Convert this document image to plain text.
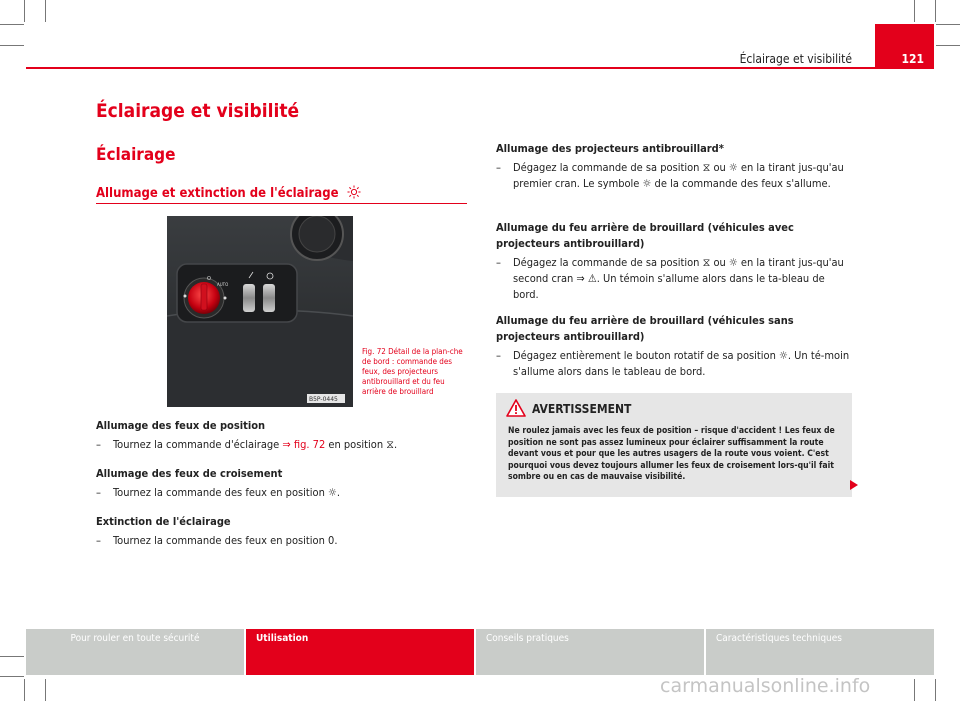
Éclairage et visibilité	121
Éclairage et visibilité
Éclairage
Allumage et extinction de l'éclairage
O
AUTO
B5P-0445
Fig. 72 Détail de la plan-che de bord : commande des feux, des projecteurs antibrouillard et du feu arrière de brouillard
Allumage des feux de position
– Tournez la commande d'éclairage ⇒ fig. 72 en position ⧖.
Allumage des feux de croisement
– Tournez la commande des feux en position ☼.
Extinction de l'éclairage
– Tournez la commande des feux en position 0.
Allumage des projecteurs antibrouillard*
– Dégagez la commande de sa position ⧖ ou ☼ en la tirant jus-qu'au premier cran. Le symbole ☼ de la commande des feux s'allume.
Allumage du feu arrière de brouillard (véhicules avec projecteurs antibrouillard)
– Dégagez la commande de sa position ⧖ ou ☼ en la tirant jus-qu'au second cran ⇒ ⚠. Un témoin s'allume alors dans le ta-bleau de bord.
Allumage du feu arrière de brouillard (véhicules sans projecteurs antibrouillard)
– Dégagez entièrement le bouton rotatif de sa position ☼. Un té-moin s'allume alors dans le tableau de bord.
AVERTISSEMENT
Ne roulez jamais avec les feux de position – risque d'accident ! Les feux de position ne sont pas assez lumineux pour éclairer suffisamment la route devant vous et pour que les autres usagers de la route vous voient. C'est pourquoi vous devez toujours allumer les feux de croisement lors-qu'il fait sombre ou en cas de mauvaise visibilité.
Pour rouler en toute sécurité	Utilisation	Conseils pratiques	Caractéristiques techniques
carmanualsonline.info
